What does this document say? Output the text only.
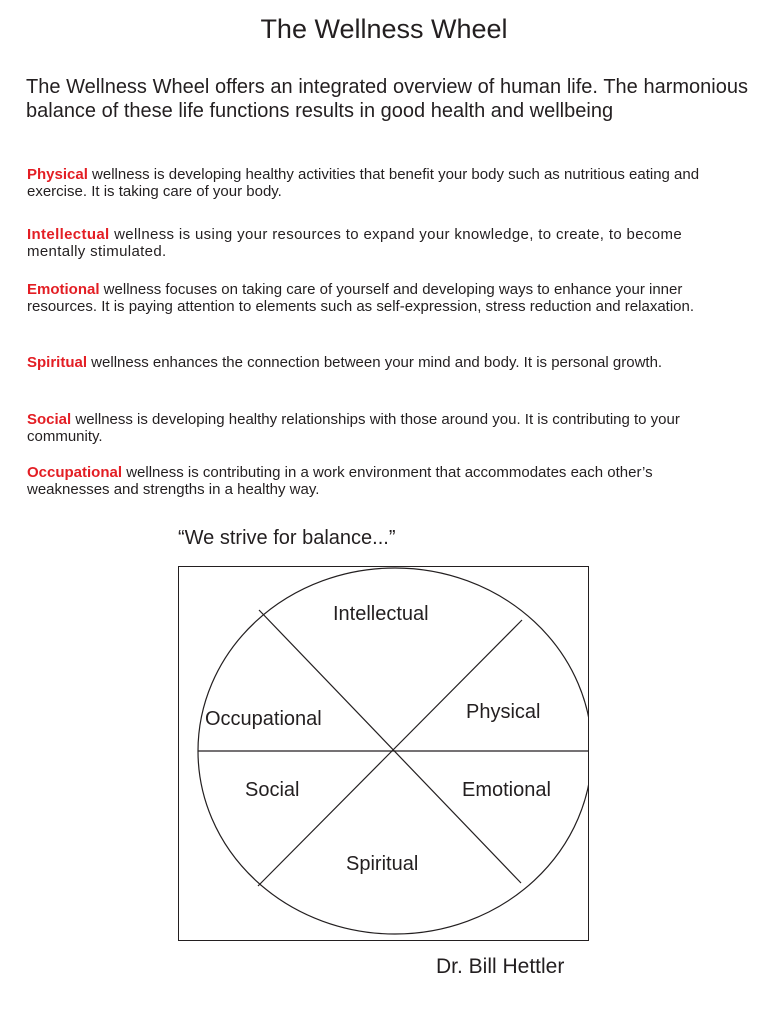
The Wellness Wheel
The Wellness Wheel offers an integrated overview of human life. The harmonious balance of these life functions results in good health and wellbeing

Physical wellness is developing healthy activities that benefit your body such as nutritious eating and exercise. It is taking care of your body.

Intellectual wellness is using your resources to expand your knowledge, to create, to become mentally stimulated.

Emotional wellness focuses on taking care of yourself and developing ways to enhance your inner resources. It is paying attention to elements such as self-expression, stress reduction and relaxation.

Spiritual wellness enhances the connection between your mind and body. It is personal growth.

Social wellness is developing healthy relationships with those around you. It is contributing to your community.

Occupational wellness is contributing in a work environment that accommodates each other’s weaknesses and strengths in a healthy way.

“We strive for balance...”
Intellectual
Physical
Occupational
Social	Emotional
Spiritual
Dr. Bill Hettler
